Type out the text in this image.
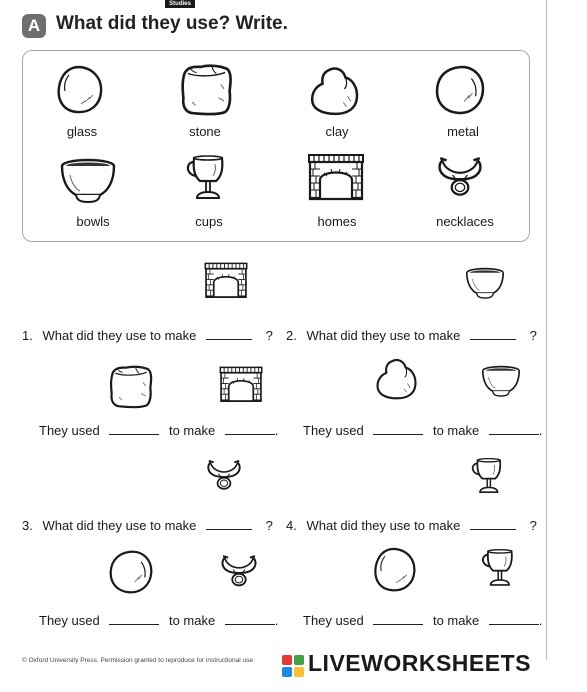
Studies
A What did they use? Write.
glass	stone	clay	metal
bowls	cups	homes	necklaces
1. What did they use to make	?
They used	to make	.
2. What did they use to make	?
They used	to make	.
3. What did they use to make	?
They used	to make	.
4. What did they use to make	?
They used	to make	.
© Oxford University Press. Permission granted to reproduce for instructional use LIVEWORKSHEETS
